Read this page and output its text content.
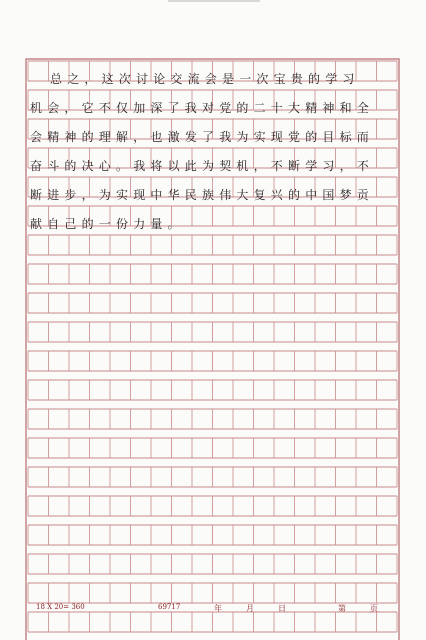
总之，这次讨论交流会是一次宝贵的学习
机会，它不仅加深了我对党的二十大精神和全
会精神的理解，也激发了我为实现党的目标而
奋斗的决心。我将以此为契机，不断学习，不
断进步，为实现中华民族伟大复兴的中国梦贡
献自己的一份力量。
18 X 20= 360	69717	年	月	日	第	页
